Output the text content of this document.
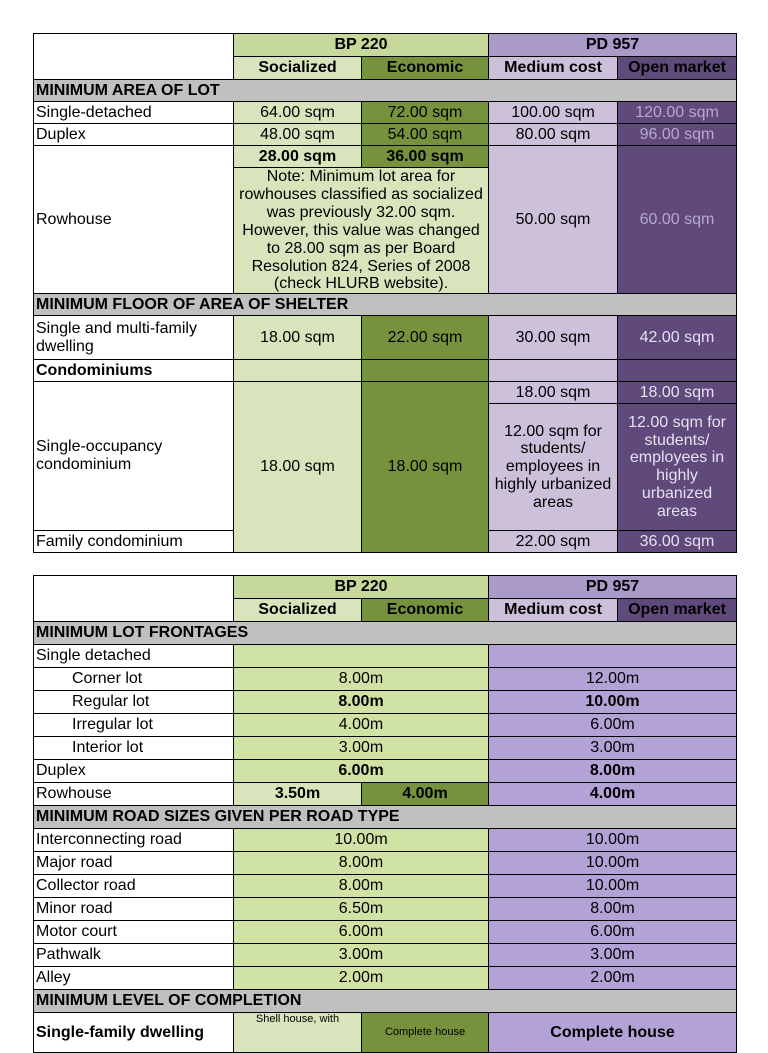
	BP 220		PD 957	
	Socialized	Economic	Medium cost	Open market
MINIMUM AREA OF LOT				
Single-detached	64.00 sqm	72.00 sqm	100.00 sqm	120.00 sqm
Duplex	48.00 sqm	54.00 sqm	80.00 sqm	96.00 sqm
Rowhouse	28.00 sqm	36.00 sqm	50.00 sqm	60.00 sqm
	Note: Minimum lot area for rowhouses classified as socialized was previously 32.00 sqm. However, this value was changed to 28.00 sqm as per Board Resolution 824, Series of 2008 (check HLURB website).			
MINIMUM FLOOR OF AREA OF SHELTER				
Single and multi-family dwelling	18.00 sqm	22.00 sqm	30.00 sqm	42.00 sqm
Condominiums				
Single-occupancy condominium	18.00 sqm	18.00 sqm	18.00 sqm	18.00 sqm
			12.00 sqm for students/ employees in highly urbanized areas	12.00 sqm for students/ employees in highly urbanized areas
Family condominium			22.00 sqm	36.00 sqm
	BP 220		PD 957	
	Socialized	Economic	Medium cost	Open market
MINIMUM LOT FRONTAGES				
Single detached				
Corner lot	8.00m		12.00m	
Regular lot	8.00m		10.00m	
Irregular lot	4.00m		6.00m	
Interior lot	3.00m		3.00m	
Duplex	6.00m		8.00m	
Rowhouse	3.50m	4.00m	4.00m	
MINIMUM ROAD SIZES GIVEN PER ROAD TYPE				
Interconnecting road	10.00m		10.00m	
Major road	8.00m		10.00m	
Collector road	8.00m		10.00m	
Minor road	6.50m		8.00m	
Motor court	6.00m		6.00m	
Pathwalk	3.00m		3.00m	
Alley	2.00m		2.00m	
MINIMUM LEVEL OF COMPLETION				
Single-family dwelling	Shell house, with	Complete house	Complete house	
